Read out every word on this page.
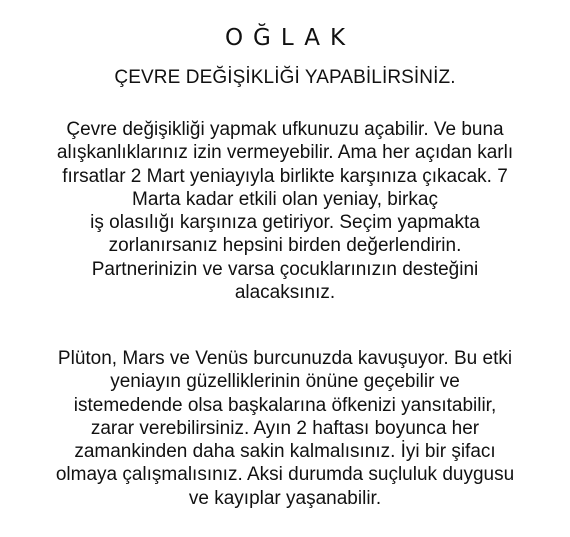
OĞLAK
ÇEVRE DEĞİŞİKLİĞİ YAPABİLİRSİNİZ.
Çevre değişikliği yapmak ufkunuzu açabilir. Ve buna
alışkanlıklarınız izin vermeyebilir. Ama her açıdan karlı
fırsatlar 2 Mart yeniayıyla birlikte karşınıza çıkacak. 7
Marta kadar etkili olan yeniay, birkaç
iş olasılığı karşınıza getiriyor. Seçim yapmakta
zorlanırsanız hepsini birden değerlendirin.
Partnerinizin ve varsa çocuklarınızın desteğini
alacaksınız.
Plüton, Mars ve Venüs burcunuzda kavuşuyor. Bu etki
yeniayın güzelliklerinin önüne geçebilir ve
istemedende olsa başkalarına öfkenizi yansıtabilir,
zarar verebilirsiniz. Ayın 2 haftası boyunca her
zamankinden daha sakin kalmalısınız. İyi bir şifacı
olmaya çalışmalısınız. Aksi durumda suçluluk duygusu
ve kayıplar yaşanabilir.
